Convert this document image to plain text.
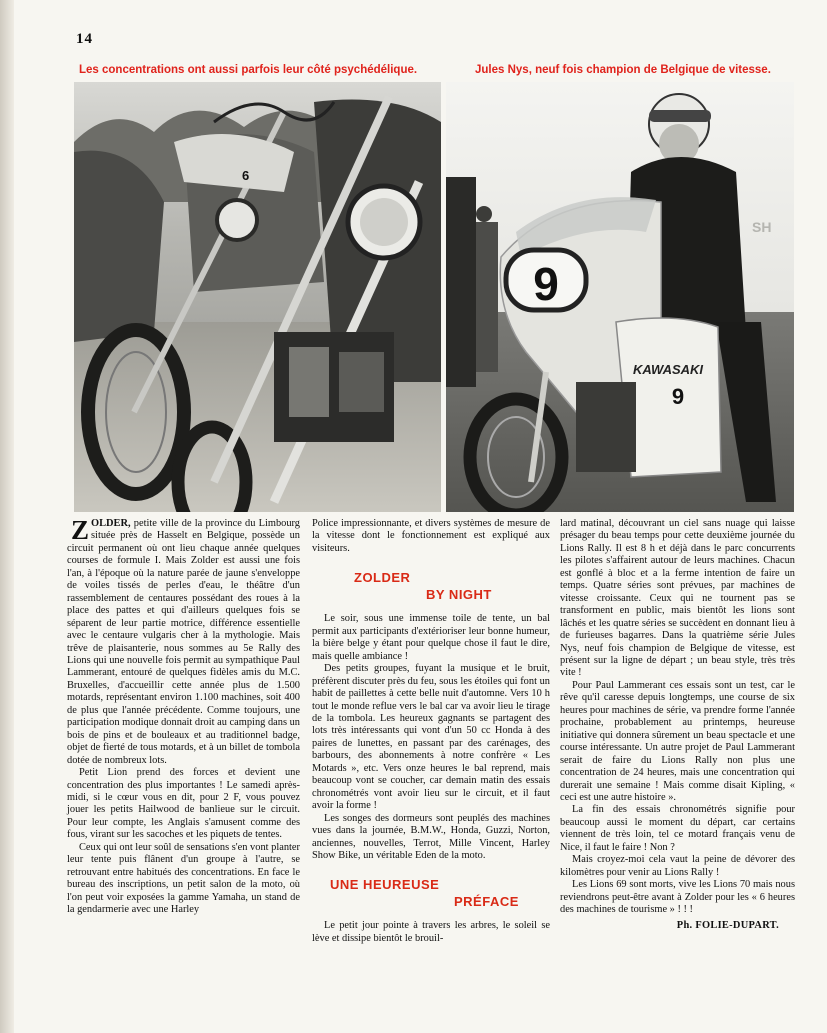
14
Les concentrations ont aussi parfois leur côté psychédélique.	Jules Nys, neuf fois champion de Belgique de vitesse.
6
SH
9
KAWASAKI
9

ZOLDER, petite ville de la province du Limbourg située près de Hasselt en Belgique, possède un circuit permanent où ont lieu chaque année quelques courses de formule I. Mais Zolder est aussi une fois l'an, à l'époque où la nature parée de jaune s'enveloppe de voiles tissés de perles d'eau, le théâtre d'un rassemblement de centaures possédant des roues à la place des pattes et qui d'ailleurs quelques fois se séparent de leur partie motrice, différence essentielle avec le centaure vulgaris cher à la mythologie. Mais trêve de plaisanterie, nous sommes au 5e Rally des Lions qui une nouvelle fois permit au sympathique Paul Lammerant, entouré de quelques fidèles amis du M.C. Bruxelles, d'accueillir cette année plus de 1.500 motards, représentant environ 1.100 machines, soit 400 de plus que l'année précédente. Comme toujours, une participation modique donnait droit au camping dans un bois de pins et de bouleaux et au traditionnel badge, objet de fierté de tous motards, et à un billet de tombola dotée de nombreux lots.

Petit Lion prend des forces et devient une concentration des plus importantes ! Le samedi après-midi, si le cœur vous en dit, pour 2 F, vous pouvez jouer les petits Hailwood de banlieue sur le circuit. Pour leur compte, les Anglais s'amusent comme des fous, virant sur les sacoches et les piquets de tentes.

Ceux qui ont leur soûl de sensations s'en vont planter leur tente puis flânent d'un groupe à l'autre, se retrouvant entre habitués des concentrations. En face le bureau des inscriptions, un petit salon de la moto, où l'on peut voir exposées la gamme Yamaha, un stand de la gendarmerie avec une Harley

Police impressionnante, et divers systèmes de mesure de la vitesse dont le fonctionnement est expliqué aux visiteurs.

ZOLDER
BY NIGHT

Le soir, sous une immense toile de tente, un bal permit aux participants d'extérioriser leur bonne humeur, la bière belge y étant pour quelque chose il faut le dire, mais quelle ambiance !

Des petits groupes, fuyant la musique et le bruit, préfèrent discuter près du feu, sous les étoiles qui font un habit de paillettes à cette belle nuit d'automne. Vers 10 h tout le monde reflue vers le bal car va avoir lieu le tirage de la tombola. Les heureux gagnants se partagent des lots très intéressants qui vont d'un 50 cc Honda à des paires de lunettes, en passant par des carénages, des barbours, des abonnements à notre confrère « Les Motards », etc. Vers onze heures le bal reprend, mais beaucoup vont se coucher, car demain matin des essais chronométrés vont avoir lieu sur le circuit, et il faut avoir la forme !

Les songes des dormeurs sont peuplés des machines vues dans la journée, B.M.W., Honda, Guzzi, Norton, anciennes, nouvelles, Terrot, Mille Vincent, Harley Show Bike, un véritable Eden de la moto.

UNE HEUREUSE
PRÉFACE

Le petit jour pointe à travers les arbres, le soleil se lève et dissipe bientôt le brouil-

lard matinal, découvrant un ciel sans nuage qui laisse présager du beau temps pour cette deuxième journée du Lions Rally. Il est 8 h et déjà dans le parc concurrents les pilotes s'affairent autour de leurs machines. Chacun est gonflé à bloc et a la ferme intention de faire un temps. Quatre séries sont prévues, par machines de vitesse croissante. Ceux qui ne tournent pas se transforment en public, mais bientôt les lions sont lâchés et les quatre séries se succèdent en donnant lieu à de furieuses bagarres. Dans la quatrième série Jules Nys, neuf fois champion de Belgique de vitesse, est présent sur la ligne de départ ; un beau style, très très vite !

Pour Paul Lammerant ces essais sont un test, car le rêve qu'il caresse depuis longtemps, une course de six heures pour machines de série, va prendre forme l'année prochaine, probablement au printemps, heureuse initiative qui donnera sûrement un beau spectacle et une course intéressante. Un autre projet de Paul Lammerant serait de faire du Lions Rally non plus une concentration de 24 heures, mais une concentration qui durerait une semaine ! Mais comme disait Kipling, « ceci est une autre histoire ».

La fin des essais chronométrés signifie pour beaucoup aussi le moment du départ, car certains viennent de très loin, tel ce motard français venu de Nice, il faut le faire ! Non ?

Mais croyez-moi cela vaut la peine de dévorer des kilomètres pour venir au Lions Rally !

Les Lions 69 sont morts, vive les Lions 70 mais nous reviendrons peut-être avant à Zolder pour les « 6 heures des machines de tourisme » ! ! !

Ph. FOLIE-DUPART.
